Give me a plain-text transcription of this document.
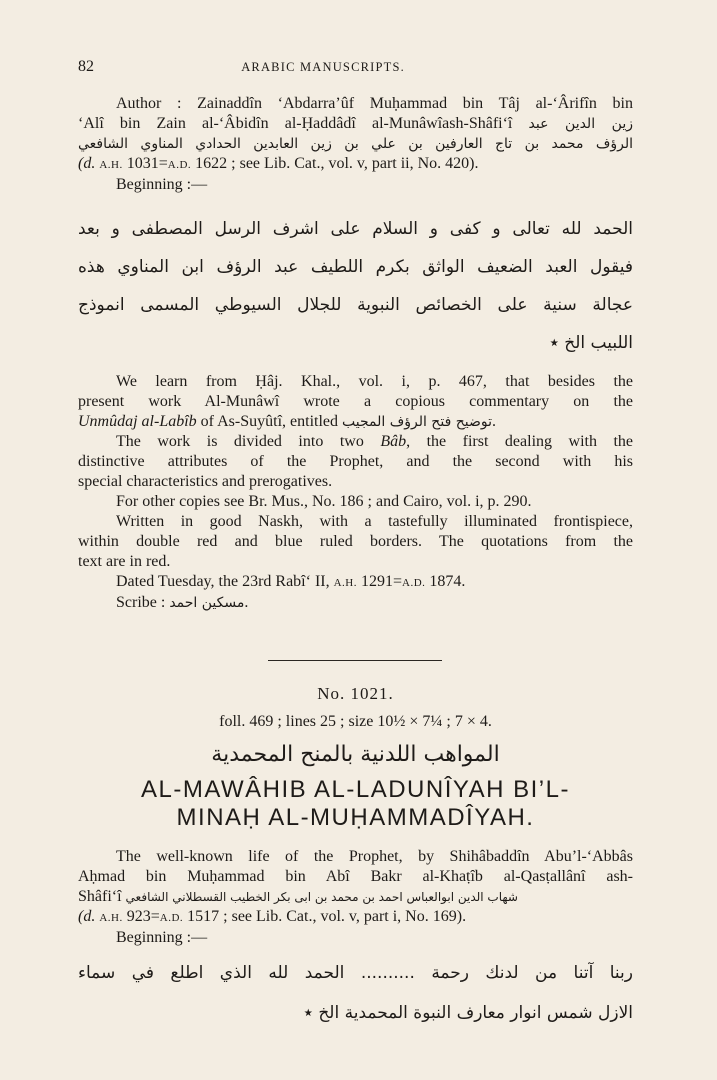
82	ARABIC MANUSCRIPTS.
Author : Zainaddîn ‘Abdarra’ûf Muḥammad bin Tâj al-‘Ârifîn bin
‘Alî bin Zain al-‘Âbidîn al-Ḥaddâdî al-Munâwîash-Shâfi‘î زين الدين عبد
الرؤف محمد بن تاج العارفين بن علي بن زين العابدين الحدادي المناوي الشافعي
(d. A.H. 1031=A.D. 1622 ; see Lib. Cat., vol. v, part ii, No. 420).
Beginning :—
الحمد لله تعالى و كفى و السلام على اشرف الرسل المصطفى و بعد
فيقول العبد الضعيف الواثق بكرم اللطيف عبد الرؤف ابن المناوي هذه
عجالة سنية على الخصائص النبوية للجلال السيوطي المسمى انموذج
اللبيب الخ ٭
We learn from Ḥâj. Khal., vol. i, p. 467, that besides the
present work Al-Munâwî wrote a copious commentary on the
Unmûdaj al-Labîb of As-Suyûtî, entitled توضيح فتح الرؤف المجيب.
The work is divided into two Bâb, the first dealing with the
distinctive attributes of the Prophet, and the second with his
special characteristics and prerogatives.
For other copies see Br. Mus., No. 186 ; and Cairo, vol. i, p. 290.
Written in good Naskh, with a tastefully illuminated frontispiece,
within double red and blue ruled borders. The quotations from the
text are in red.
Dated Tuesday, the 23rd Rabî‘ II, A.H. 1291=A.D. 1874.
Scribe : مسكين احمد.
No. 1021.
foll. 469 ; lines 25 ; size 10½ × 7¼ ; 7 × 4.
المواهب اللدنية بالمنح المحمدية
AL-MAWÂHIB AL-LADUNÎYAH BI’L-
MINAḤ AL-MUḤAMMADÎYAH.
The well-known life of the Prophet, by Shihâbaddîn Abu’l-‘Abbâs
Aḥmad bin Muḥammad bin Abî Bakr al-Khaṭîb al-Qasṭallânî ash-
Shâfi‘î شهاب الدين ابوالعباس احمد بن محمد بن ابى بكر الخطيب القسطلاني الشافعي
(d. A.H. 923=A.D. 1517 ; see Lib. Cat., vol. v, part i, No. 169).
Beginning :—
ربنا آتنا من لدنك رحمة .......... الحمد لله الذي اطلع في سماء
الازل شمس انوار معارف النبوة المحمدية الخ ٭
